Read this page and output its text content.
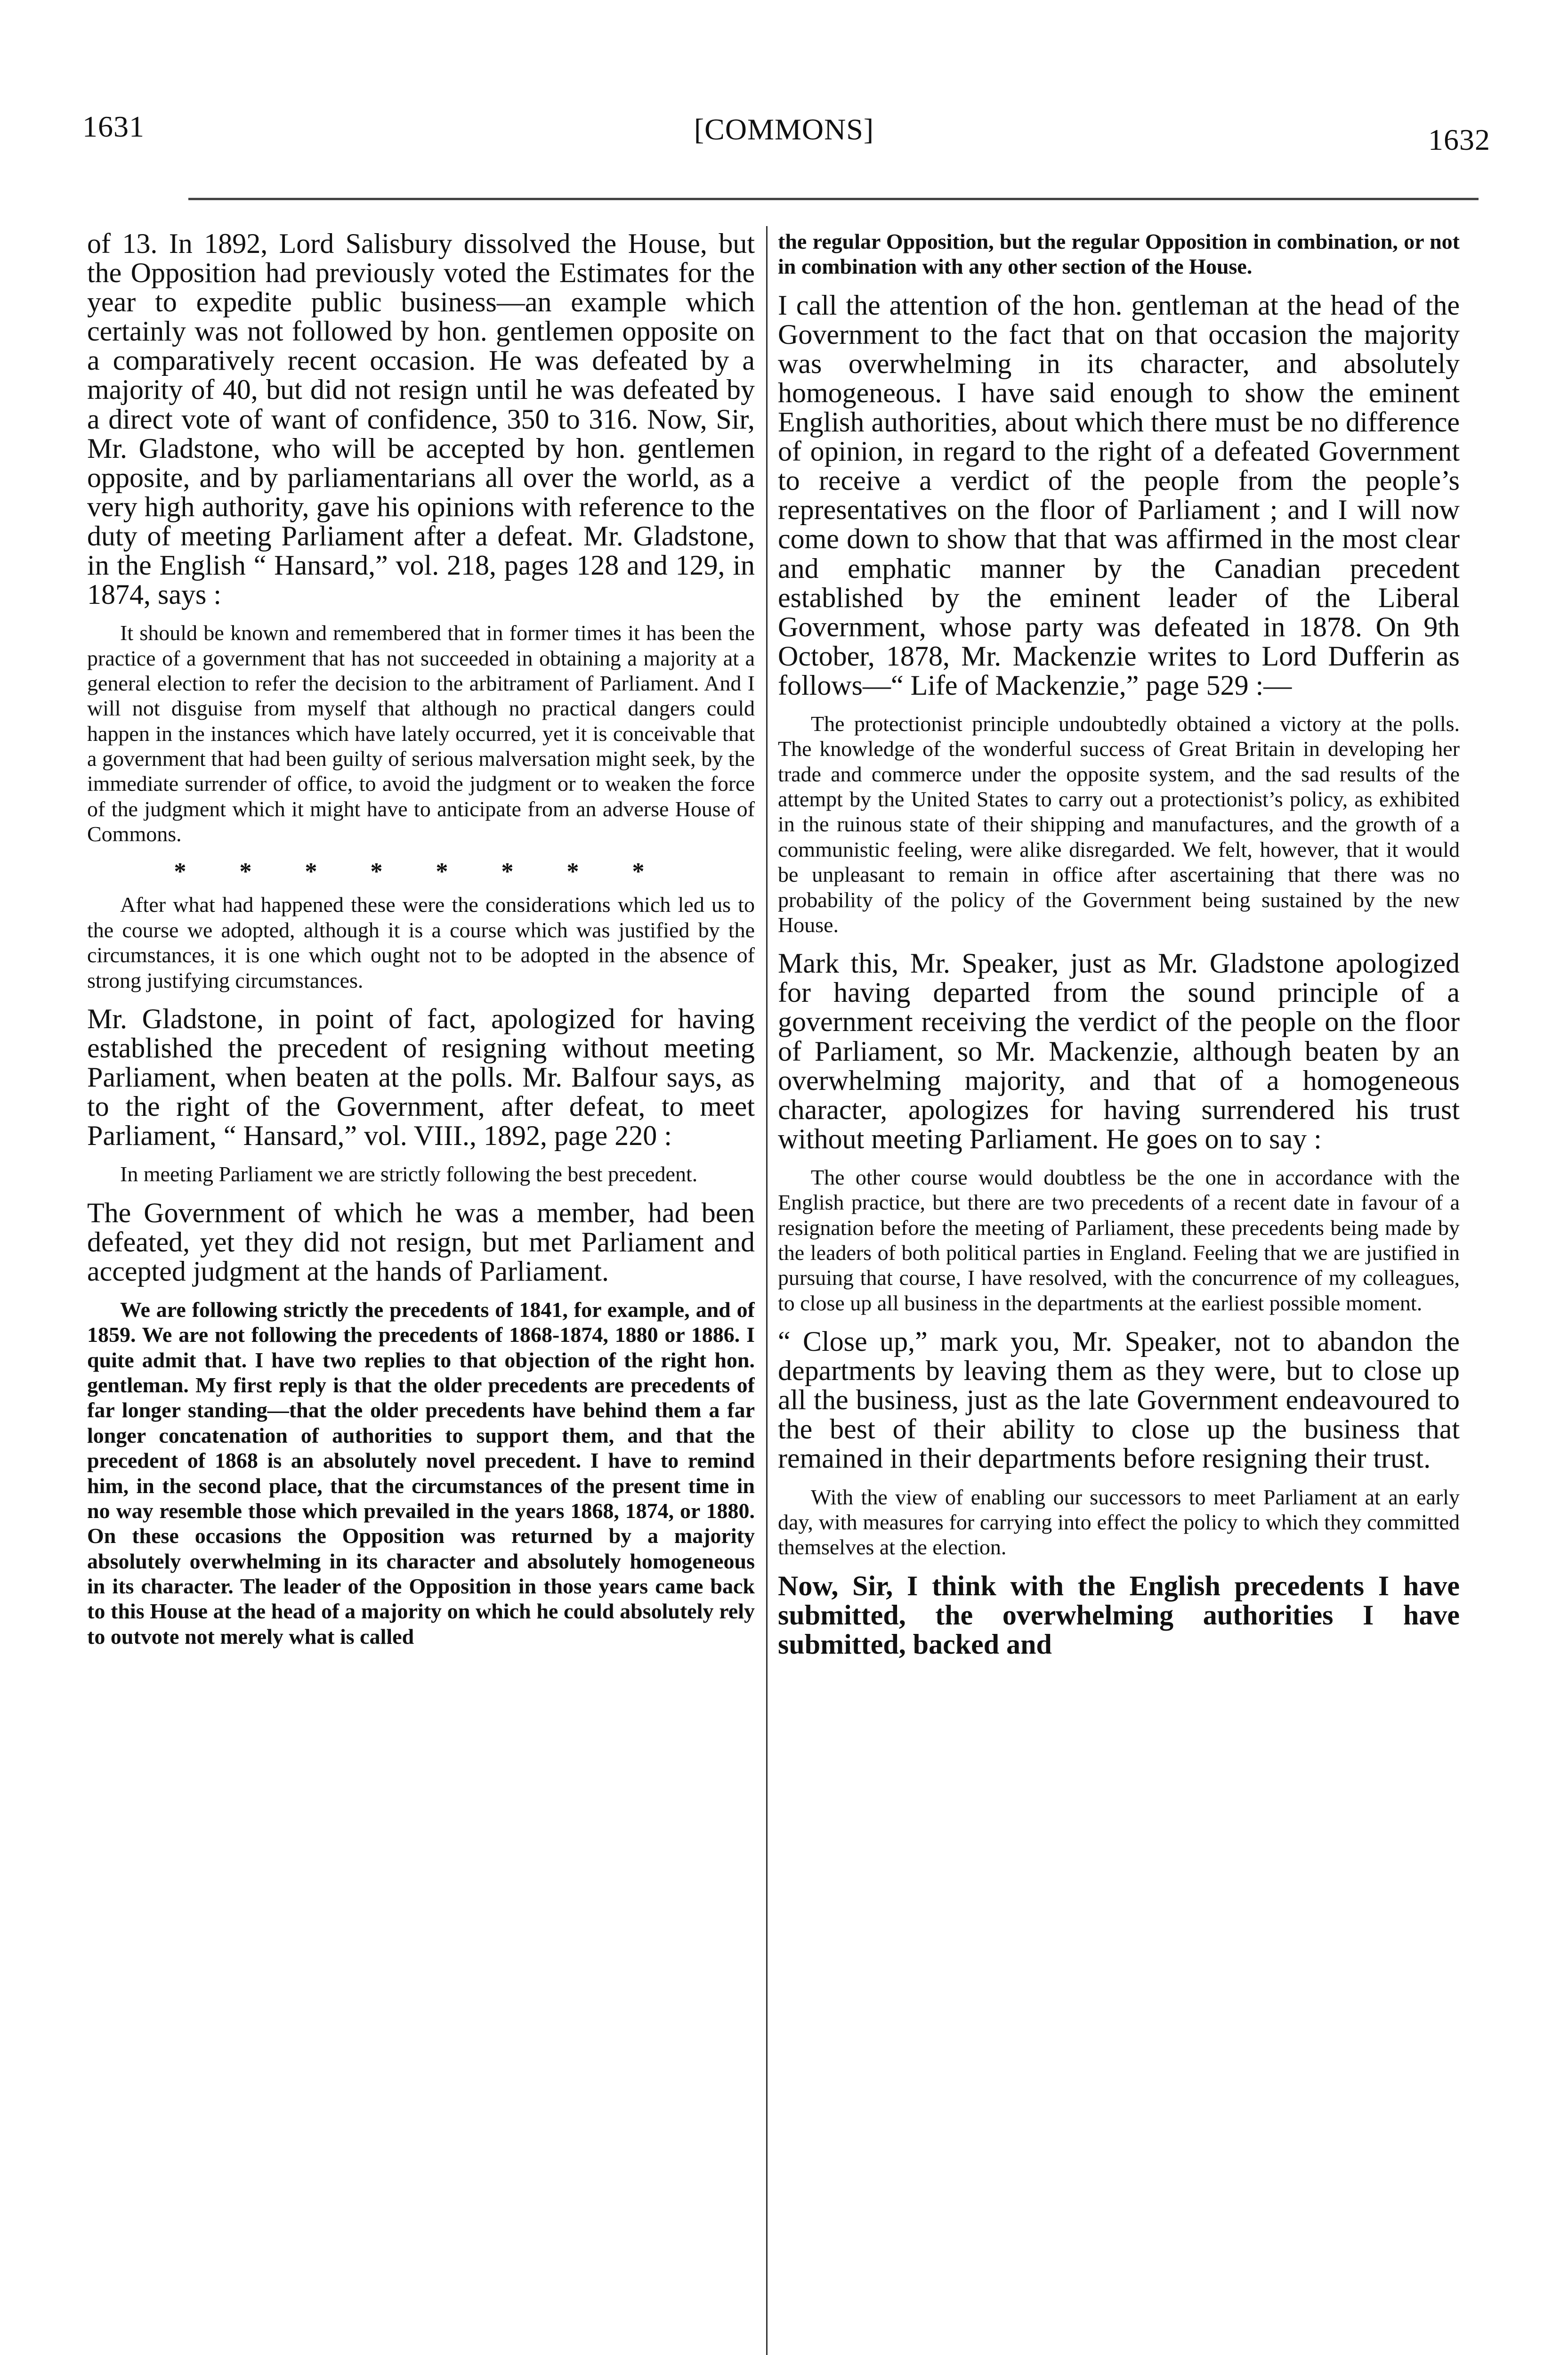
1631	[COMMONS]	1632

of 13. In 1892, Lord Salisbury dissolved the House, but the Opposition had previously voted the Estimates for the year to expedite public business—an example which certainly was not followed by hon. gentlemen opposite on a comparatively recent occasion. He was defeated by a majority of 40, but did not resign until he was defeated by a direct vote of want of confidence, 350 to 316. Now, Sir, Mr. Gladstone, who will be accepted by hon. gentlemen opposite, and by parliamentarians all over the world, as a very high authority, gave his opinions with reference to the duty of meeting Parliament after a defeat. Mr. Gladstone, in the English “ Hansard,” vol. 218, pages 128 and 129, in 1874, says :

It should be known and remembered that in former times it has been the practice of a government that has not succeeded in obtaining a majority at a general election to refer the decision to the arbitrament of Parliament. And I will not disguise from myself that although no practical dangers could happen in the instances which have lately occurred, yet it is conceivable that a government that had been guilty of serious malversation might seek, by the immediate surrender of office, to avoid the judgment or to weaken the force of the judgment which it might have to anticipate from an adverse House of Commons.

* * * * * * * *

After what had happened these were the considerations which led us to the course we adopted, although it is a course which was justified by the circumstances, it is one which ought not to be adopted in the absence of strong justifying circumstances.

Mr. Gladstone, in point of fact, apologized for having established the precedent of resigning without meeting Parliament, when beaten at the polls. Mr. Balfour says, as to the right of the Government, after defeat, to meet Parliament, “ Hansard,” vol. VIII., 1892, page 220 :

In meeting Parliament we are strictly following the best precedent.

The Government of which he was a member, had been defeated, yet they did not resign, but met Parliament and accepted judgment at the hands of Parliament.

We are following strictly the precedents of 1841, for example, and of 1859. We are not following the precedents of 1868-1874, 1880 or 1886. I quite admit that. I have two replies to that objection of the right hon. gentleman. My first reply is that the older precedents are precedents of far longer standing—that the older precedents have behind them a far longer concatenation of authorities to support them, and that the precedent of 1868 is an absolutely novel precedent. I have to remind him, in the second place, that the circumstances of the present time in no way resemble those which prevailed in the years 1868, 1874, or 1880. On these occasions the Opposition was returned by a majority absolutely overwhelming in its character and absolutely homogeneous in its character. The leader of the Opposition in those years came back to this House at the head of a majority on which he could absolutely rely to outvote not merely what is called

the regular Opposition, but the regular Opposition in combination, or not in combination with any other section of the House.

I call the attention of the hon. gentleman at the head of the Government to the fact that on that occasion the majority was overwhelming in its character, and absolutely homogeneous. I have said enough to show the eminent English authorities, about which there must be no difference of opinion, in regard to the right of a defeated Government to receive a verdict of the people from the people’s representatives on the floor of Parliament ; and I will now come down to show that that was affirmed in the most clear and emphatic manner by the Canadian precedent established by the eminent leader of the Liberal Government, whose party was defeated in 1878. On 9th October, 1878, Mr. Mackenzie writes to Lord Dufferin as follows—“ Life of Mackenzie,” page 529 :—

The protectionist principle undoubtedly obtained a victory at the polls. The knowledge of the wonderful success of Great Britain in developing her trade and commerce under the opposite system, and the sad results of the attempt by the United States to carry out a protectionist’s policy, as exhibited in the ruinous state of their shipping and manufactures, and the growth of a communistic feeling, were alike disregarded. We felt, however, that it would be unpleasant to remain in office after ascertaining that there was no probability of the policy of the Government being sustained by the new House.

Mark this, Mr. Speaker, just as Mr. Gladstone apologized for having departed from the sound principle of a government receiving the verdict of the people on the floor of Parliament, so Mr. Mackenzie, although beaten by an overwhelming majority, and that of a homogeneous character, apologizes for having surrendered his trust without meeting Parliament. He goes on to say :

The other course would doubtless be the one in accordance with the English practice, but there are two precedents of a recent date in favour of a resignation before the meeting of Parliament, these precedents being made by the leaders of both political parties in England. Feeling that we are justified in pursuing that course, I have resolved, with the concurrence of my colleagues, to close up all business in the departments at the earliest possible moment.

“ Close up,” mark you, Mr. Speaker, not to abandon the departments by leaving them as they were, but to close up all the business, just as the late Government endeavoured to the best of their ability to close up the business that remained in their departments before resigning their trust.

With the view of enabling our successors to meet Parliament at an early day, with measures for carrying into effect the policy to which they committed themselves at the election.

Now, Sir, I think with the English precedents I have submitted, the overwhelming authorities I have submitted, backed and
